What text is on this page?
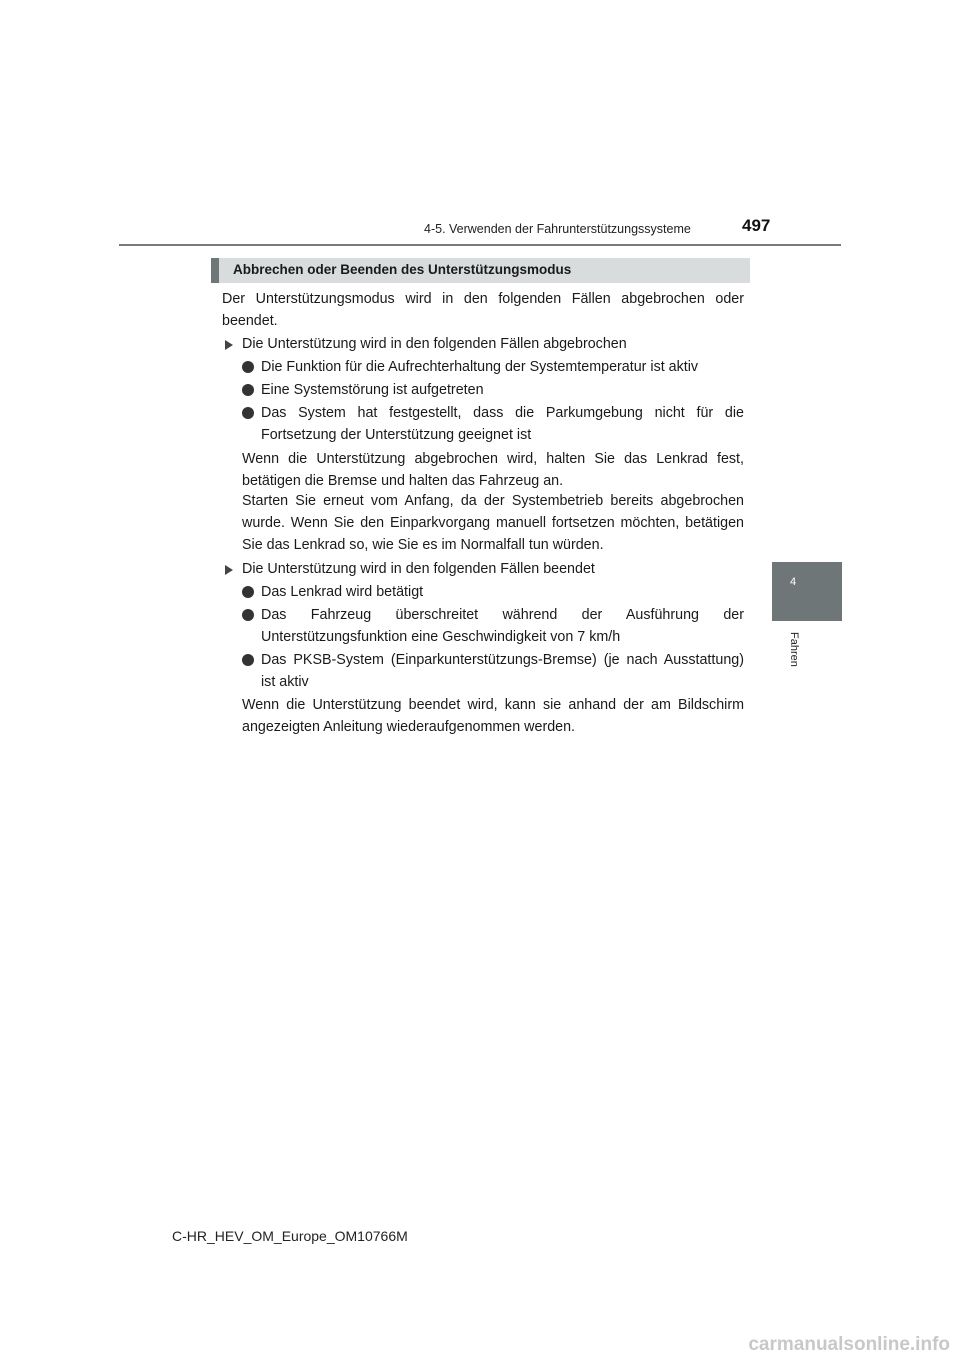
4-5. Verwenden der Fahrunterstützungssysteme	497
4
Fahren
Abbrechen oder Beenden des Unterstützungsmodus
Der Unterstützungsmodus wird in den folgenden Fällen abgebrochen oder beendet.
Die Unterstützung wird in den folgenden Fällen abgebrochen
Die Funktion für die Aufrechterhaltung der Systemtemperatur ist aktiv
Eine Systemstörung ist aufgetreten
Das System hat festgestellt, dass die Parkumgebung nicht für die Fortsetzung der Unterstützung geeignet ist
Wenn die Unterstützung abgebrochen wird, halten Sie das Lenkrad fest, betätigen die Bremse und halten das Fahrzeug an.
Starten Sie erneut vom Anfang, da der Systembetrieb bereits abgebrochen wurde. Wenn Sie den Einparkvorgang manuell fortsetzen möchten, betätigen Sie das Lenkrad so, wie Sie es im Normalfall tun würden.
Die Unterstützung wird in den folgenden Fällen beendet
Das Lenkrad wird betätigt
Das Fahrzeug überschreitet während der Ausführung der Unterstützungsfunktion eine Geschwindigkeit von 7 km/h
Das PKSB-System (Einparkunterstützungs-Bremse) (je nach Ausstattung) ist aktiv
Wenn die Unterstützung beendet wird, kann sie anhand der am Bildschirm angezeigten Anleitung wiederaufgenommen werden.
C-HR_HEV_OM_Europe_OM10766M
carmanualsonline.info
